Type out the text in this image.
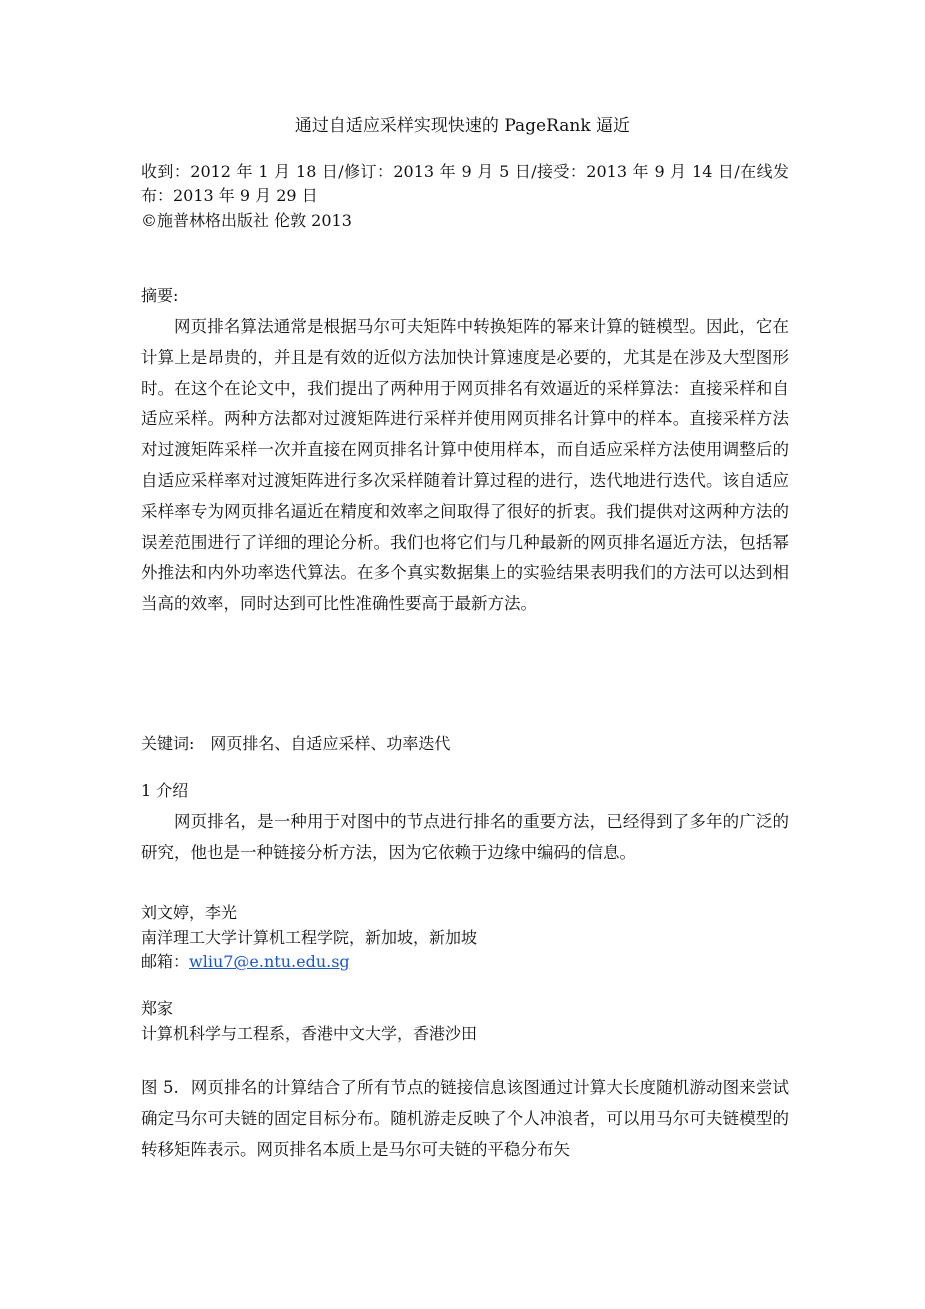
通过自适应采样实现快速的 PageRank 逼近
收到：2012 年 1 月 18 日/修订：2013 年 9 月 5 日/接受：2013 年 9 月 14 日/在线发布：2013 年 9 月 29 日
©施普林格出版社 伦敦 2013
摘要:

网页排名算法通常是根据马尔可夫矩阵中转换矩阵的幂来计算的链模型。因此，它在计算上是昂贵的，并且是有效的近似方法加快计算速度是必要的，尤其是在涉及大型图形时。在这个在论文中，我们提出了两种用于网页排名有效逼近的采样算法：直接采样和自适应采样。两种方法都对过渡矩阵进行采样并使用网页排名计算中的样本。直接采样方法对过渡矩阵采样一次并直接在网页排名计算中使用样本，而自适应采样方法使用调整后的自适应采样率对过渡矩阵进行多次采样随着计算过程的进行，迭代地进行迭代。该自适应采样率专为网页排名逼近在精度和效率之间取得了很好的折衷。我们提供对这两种方法的误差范围进行了详细的理论分析。我们也将它们与几种最新的网页排名逼近方法，包括幂外推法和内外功率迭代算法。在多个真实数据集上的实验结果表明我们的方法可以达到相当高的效率，同时达到可比性准确性要高于最新方法。

关键词: 网页排名、自适应采样、功率迭代
1 介绍

网页排名，是一种用于对图中的节点进行排名的重要方法，已经得到了多年的广泛的研究，他也是一种链接分析方法，因为它依赖于边缘中编码的信息。

刘文婷，李光
南洋理工大学计算机工程学院，新加坡，新加坡
邮箱：wliu7@e.ntu.edu.sg
郑家
计算机科学与工程系，香港中文大学，香港沙田

图 5. 网页排名的计算结合了所有节点的链接信息该图通过计算大长度随机游动图来尝试确定马尔可夫链的固定目标分布。随机游走反映了个人冲浪者，可以用马尔可夫链模型的转移矩阵表示。网页排名本质上是马尔可夫链的平稳分布矢
